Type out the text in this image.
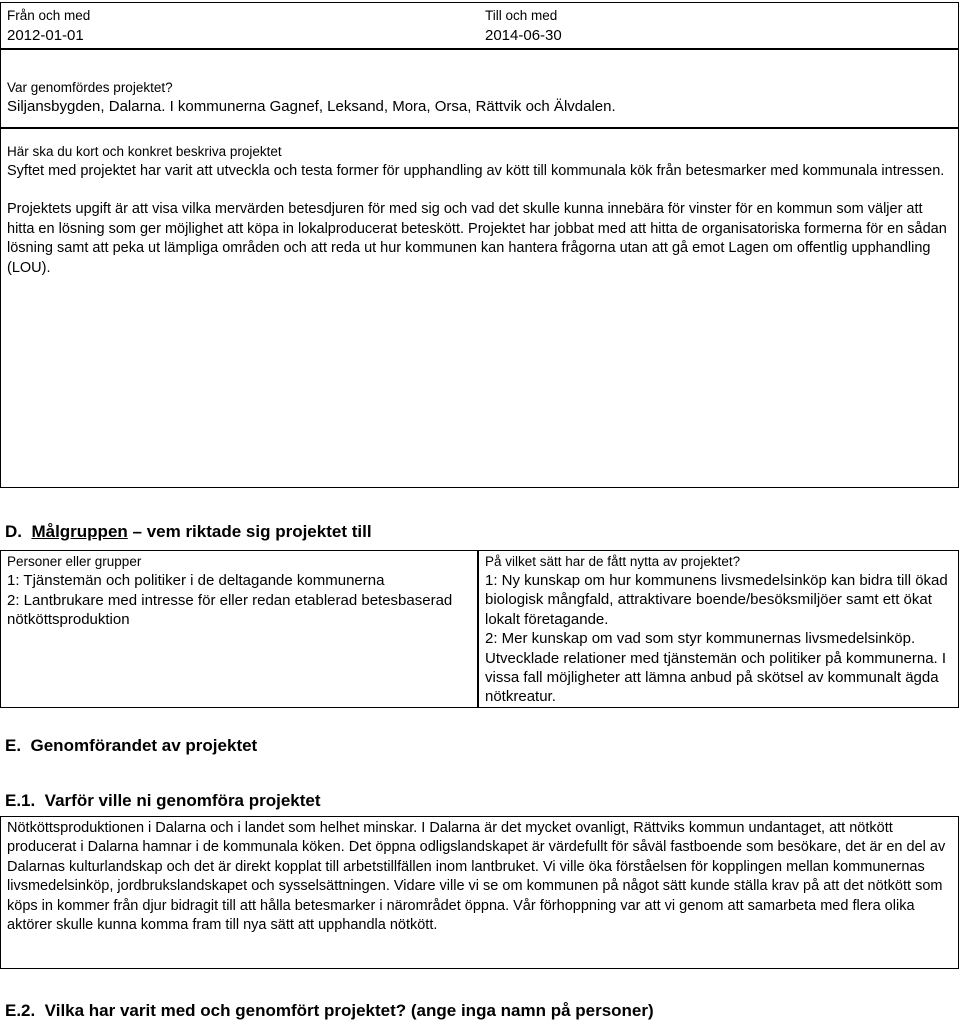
Från och med
2012-01-01
Till och med
2014-06-30
Var genomfördes projektet?
Siljansbygden, Dalarna. I kommunerna Gagnef, Leksand, Mora, Orsa, Rättvik och Älvdalen.
Här ska du kort och konkret beskriva projektet

Syftet med projektet har varit att utveckla och testa former för upphandling av kött till kommunala kök från betesmarker med kommunala intressen.

Projektets upgift är att visa vilka mervärden betesdjuren för med sig och vad det skulle kunna innebära för vinster för en kommun som väljer att hitta en lösning som ger möjlighet att köpa in lokalproducerat beteskött. Projektet har jobbat med att hitta de organisatoriska formerna för en sådan lösning samt att peka ut lämpliga områden och att reda ut hur kommunen kan hantera frågorna utan att gå emot Lagen om offentlig upphandling (LOU).

D. Målgruppen – vem riktade sig projektet till
Personer eller grupper
1: Tjänstemän och politiker i de deltagande kommunerna
2: Lantbrukare med intresse för eller redan etablerad betesbaserad nötköttsproduktion
På vilket sätt har de fått nytta av projektet?
1: Ny kunskap om hur kommunens livsmedelsinköp kan bidra till ökad biologisk mångfald, attraktivare boende/besöksmiljöer samt ett ökat lokalt företagande.
2: Mer kunskap om vad som styr kommunernas livsmedelsinköp. Utvecklade relationer med tjänstemän och politiker på kommunerna. I vissa fall möjligheter att lämna anbud på skötsel av kommunalt ägda nötkreatur.
E.  Genomförandet av projektet
E.1.  Varför ville ni genomföra projektet
Nötköttsproduktionen i Dalarna och i landet som helhet minskar. I Dalarna är det mycket ovanligt, Rättviks kommun undantaget, att nötkött producerat i Dalarna hamnar i de kommunala köken. Det öppna odligslandskapet är värdefullt för såväl fastboende som besökare, det är en del av Dalarnas kulturlandskap och det är direkt kopplat till arbetstillfällen inom lantbruket. Vi ville öka förståelsen för kopplingen mellan kommunernas livsmedelsinköp, jordbrukslandskapet och sysselsättningen. Vidare ville vi se om kommunen på något sätt kunde ställa krav på att det nötkött som köps in kommer från djur bidragit till att hålla betesmarker i närområdet öppna. Vår förhoppning var att vi genom att samarbeta med flera olika aktörer skulle kunna komma fram till nya sätt att upphandla nötkött.
E.2.  Vilka har varit med och genomfört projektet? (ange inga namn på personer)
